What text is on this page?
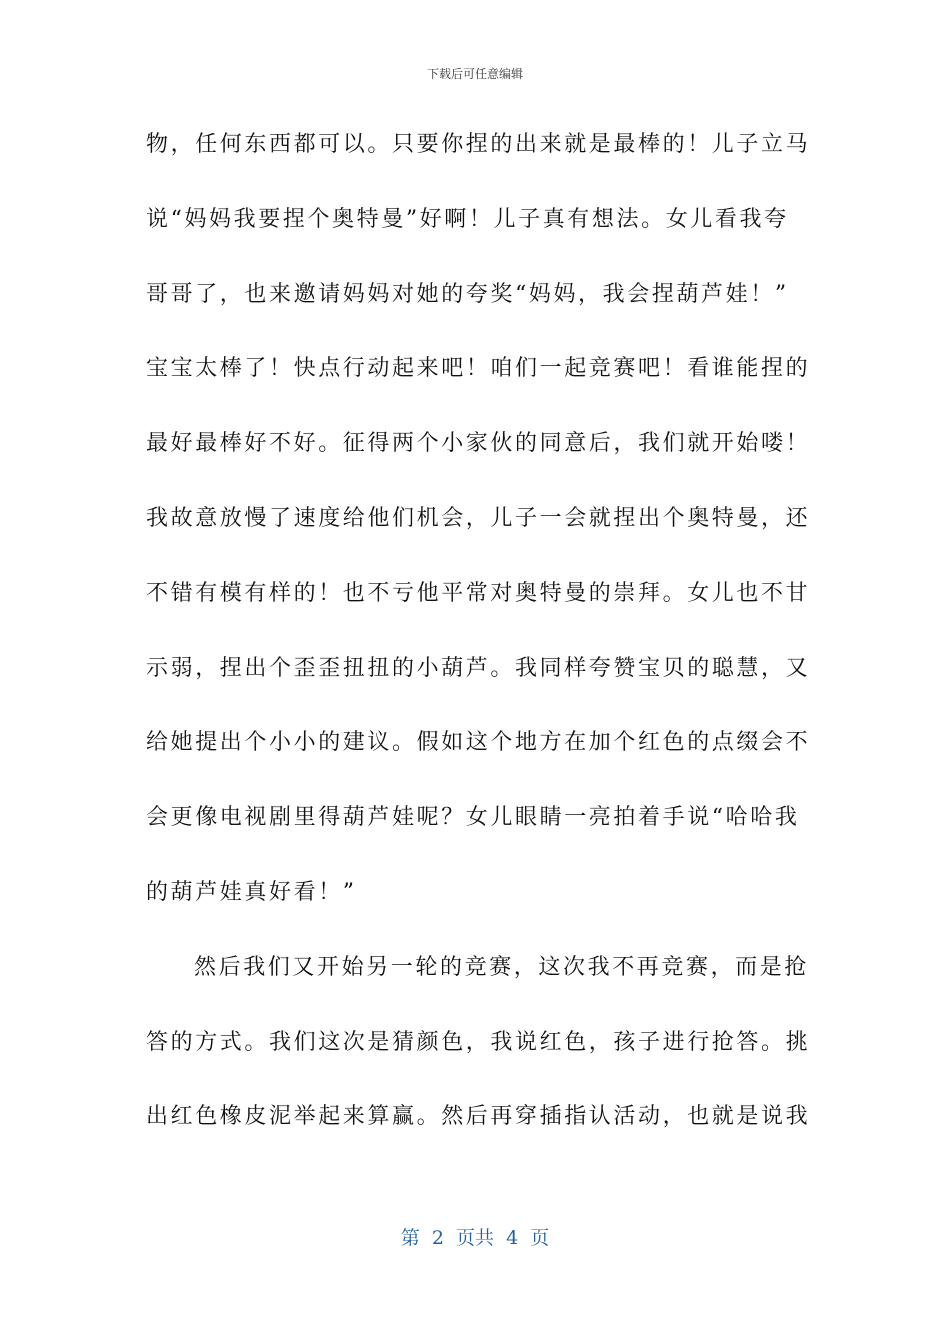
下载后可任意编辑
物，任何东西都可以。只要你捏的出来就是最棒的！儿子立马
说“妈妈我要捏个奥特曼”好啊！儿子真有想法。女儿看我夸
哥哥了，也来邀请妈妈对她的夸奖“妈妈，我会捏葫芦娃！”
宝宝太棒了！快点行动起来吧！咱们一起竞赛吧！看谁能捏的
最好最棒好不好。征得两个小家伙的同意后，我们就开始喽！
我故意放慢了速度给他们机会，儿子一会就捏出个奥特曼，还
不错有模有样的！也不亏他平常对奥特曼的崇拜。女儿也不甘
示弱，捏出个歪歪扭扭的小葫芦。我同样夸赞宝贝的聪慧，又
给她提出个小小的建议。假如这个地方在加个红色的点缀会不
会更像电视剧里得葫芦娃呢？女儿眼睛一亮拍着手说“哈哈我
的葫芦娃真好看！”
然后我们又开始另一轮的竞赛，这次我不再竞赛，而是抢
答的方式。我们这次是猜颜色，我说红色，孩子进行抢答。挑
出红色橡皮泥举起来算赢。然后再穿插指认活动，也就是说我
第  2  页共  4  页
